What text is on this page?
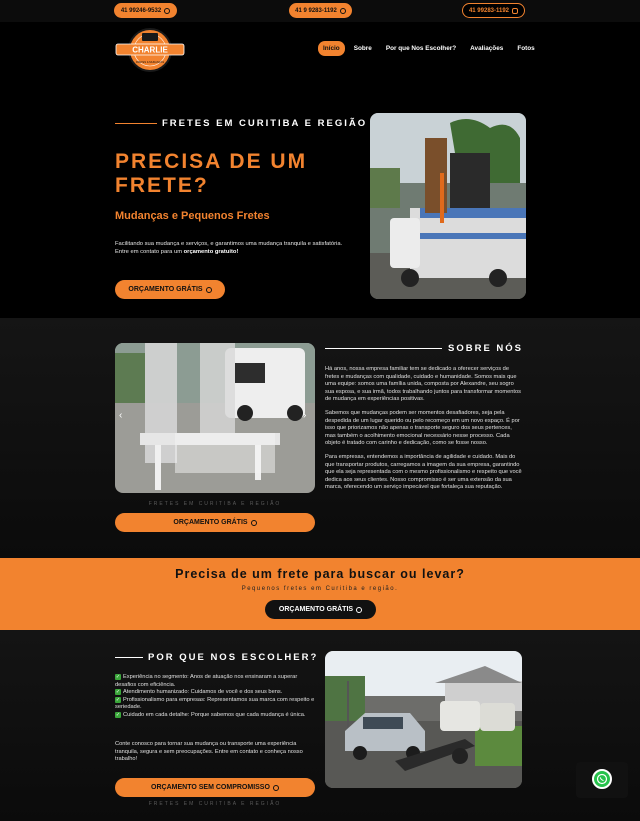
41 99246-9532	41 9 9283-1192	41 99283-1192
CHARLIE
FRETES & MUDANÇAS
Início	Sobre	Por que Nos Escolher?	Avaliações	Fotos
FRETES EM CURITIBA E REGIÃO
PRECISA DE UM FRETE?
Mudanças e Pequenos Fretes

Facilitando sua mudança e serviços, e garantimos uma mudança tranquila e satisfatória. Entre em contato para um orçamento gratuito!

ORÇAMENTO GRÁTIS
‹	›
FRETES EM CURITIBA E REGIÃO
ORÇAMENTO GRÁTIS
SOBRE NÓS

Há anos, nossa empresa familiar tem se dedicado a oferecer serviços de fretes e mudanças com qualidade, cuidado e humanidade. Somos mais que uma equipe: somos uma família unida, composta por Alexandre, seu sogro sua esposa, e sua irmã, todos trabalhando juntos para transformar momentos de mudança em experiências positivas.

Sabemos que mudanças podem ser momentos desafiadores, seja pela despedida de um lugar querido ou pelo recomeço em um novo espaço. É por isso que priorizamos não apenas o transporte seguro dos seus pertences, mas também o acolhimento emocional necessário nesse processo. Cada objeto é tratado com carinho e dedicação, como se fosse nosso.

Para empresas, entendemos a importância de agilidade e cuidado. Mais do que transportar produtos, carregamos a imagem da sua empresa, garantindo que ela seja representada com o mesmo profissionalismo e respeito que você dedica aos seus clientes. Nosso compromisso é ser uma extensão da sua marca, oferecendo um serviço impecável que fortaleça sua reputação.

Precisa de um frete para buscar ou levar?
Pequenos fretes em Curitiba e região.
ORÇAMENTO GRÁTIS
POR QUE NOS ESCOLHER?
✓ Experiência no segmento: Anos de atuação nos ensinaram a superar desafios com eficiência.
✓ Atendimento humanizado: Cuidamos de você e dos seus bens.
✓ Profissionalismo para empresas: Representamos sua marca com respeito e seriedade.
✓ Cuidado em cada detalhe: Porque sabemos que cada mudança é única.

Conte conosco para tornar sua mudança ou transporte uma experiência tranquila, segura e sem preocupações. Entre em contato e conheça nosso trabalho!

ORÇAMENTO SEM COMPROMISSO
FRETES EM CURITIBA E REGIÃO
